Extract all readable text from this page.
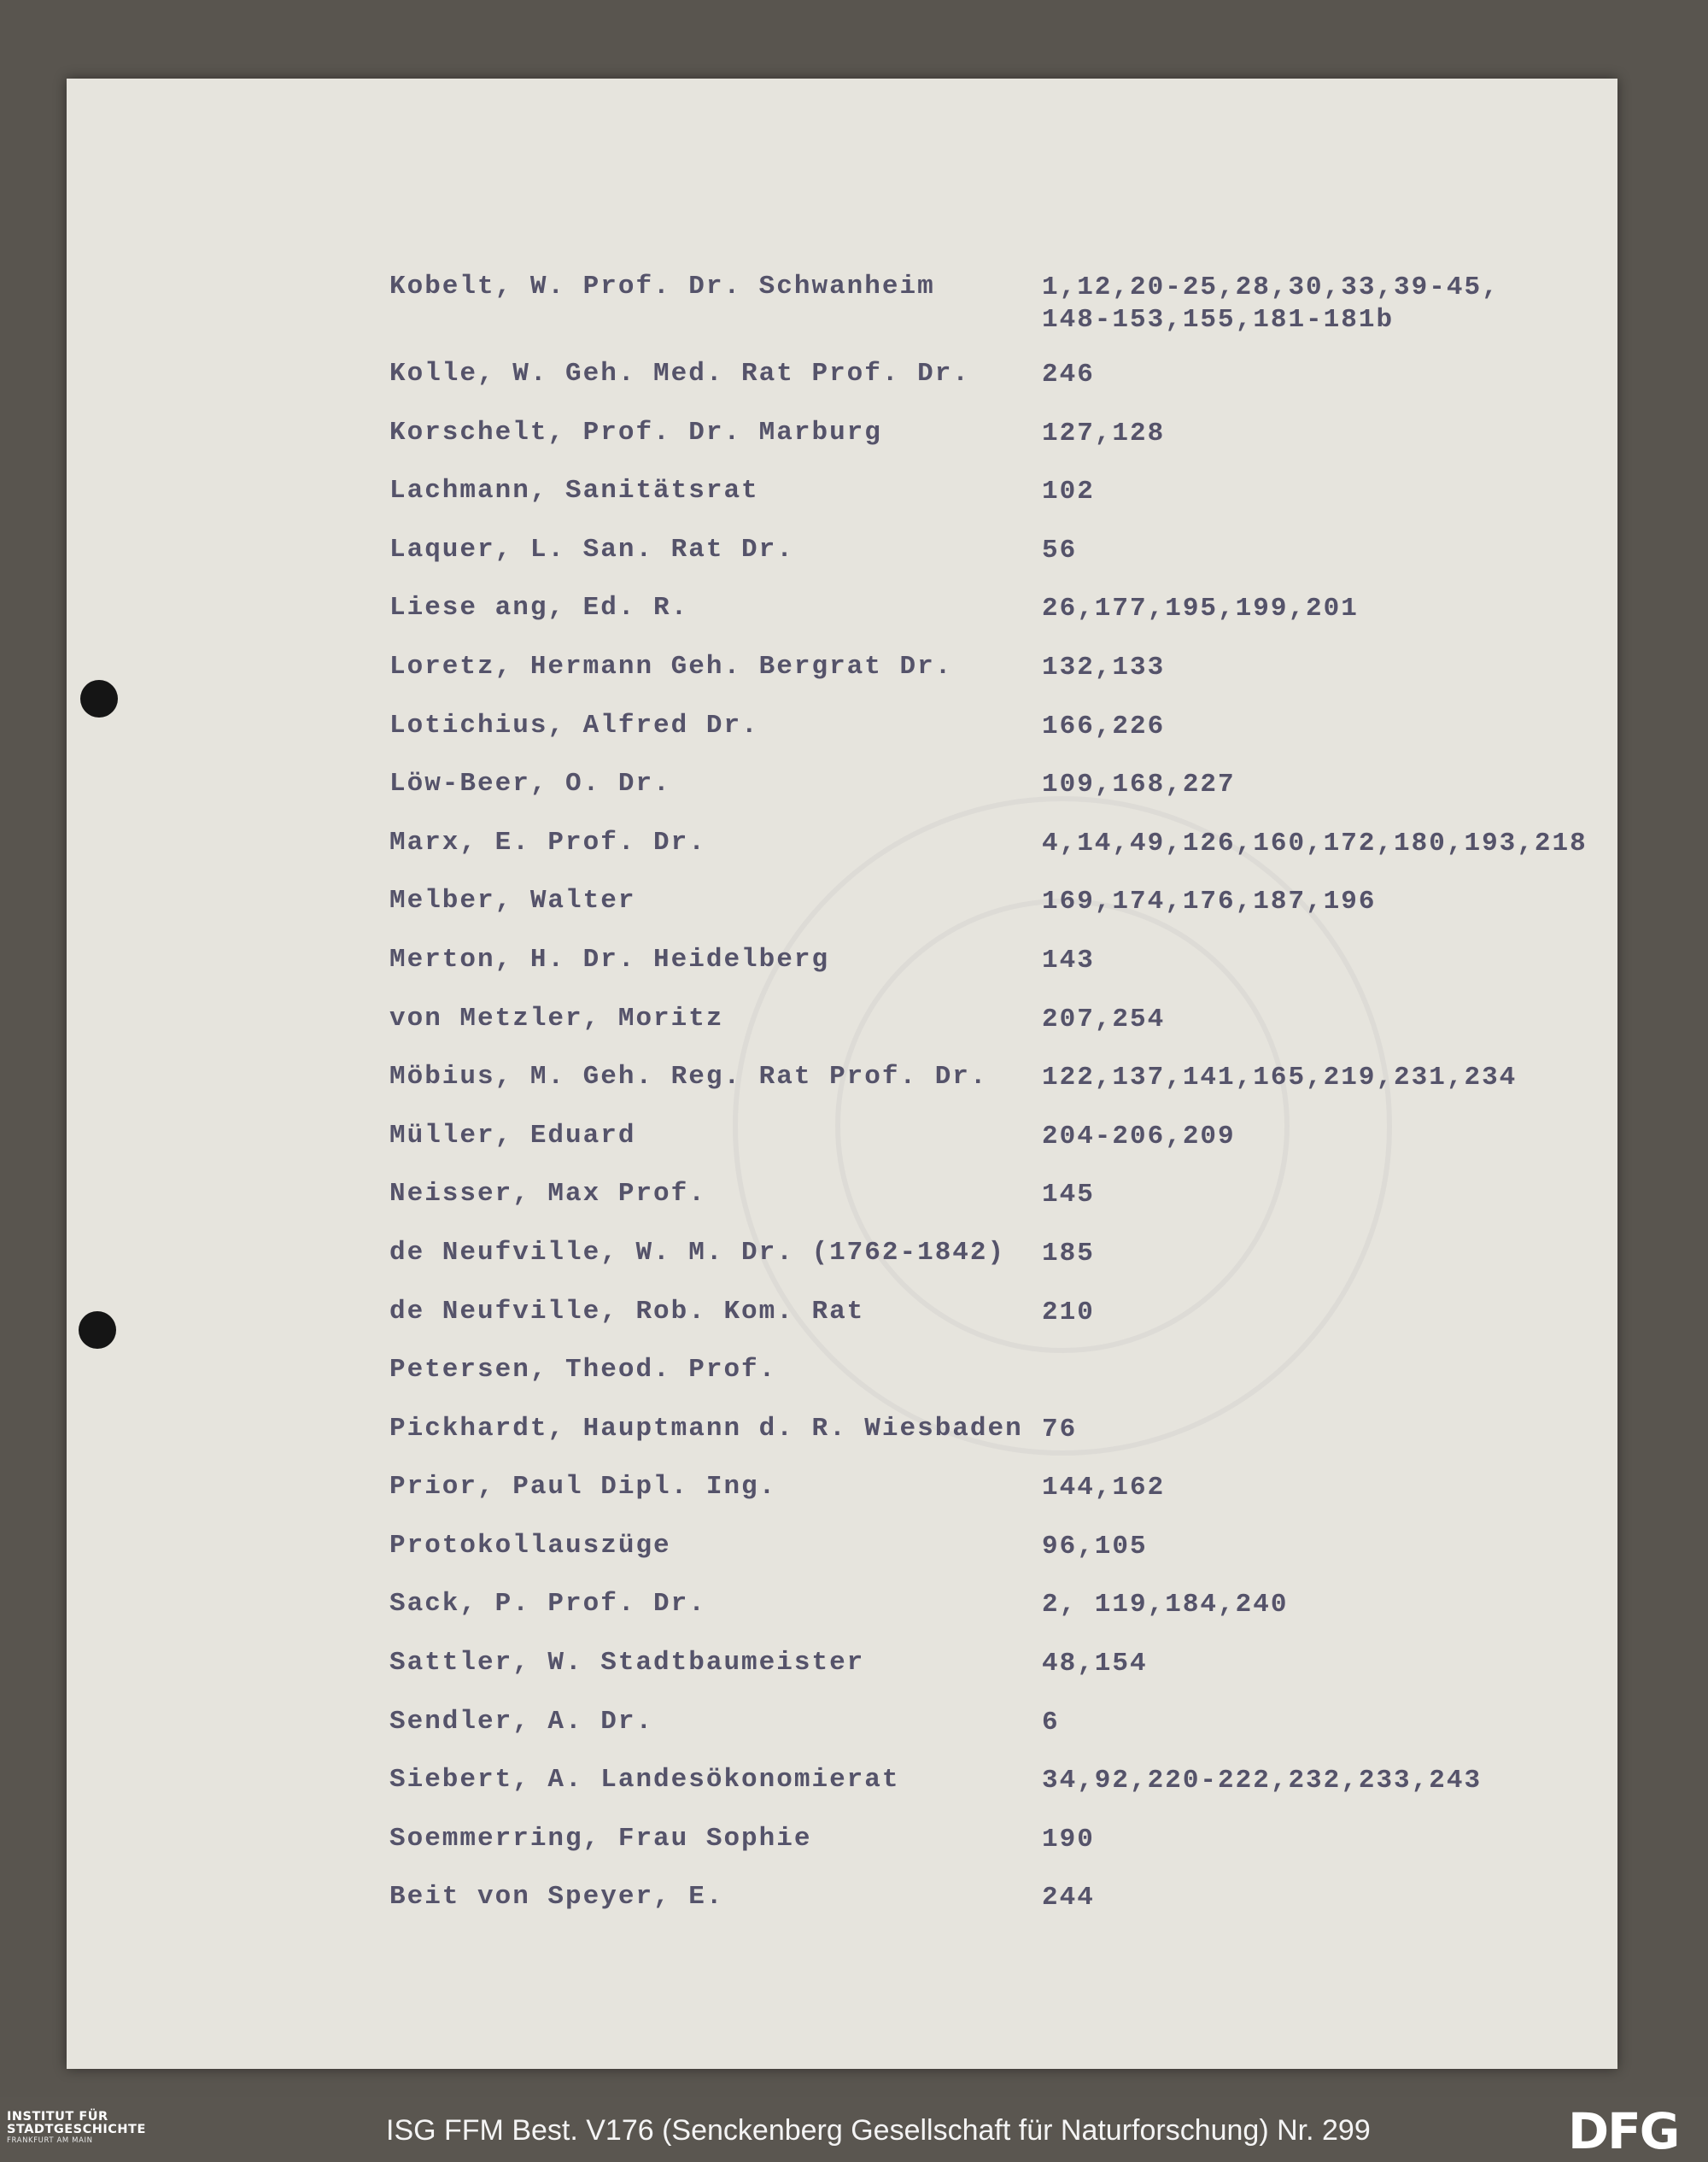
Kobelt, W. Prof. Dr. Schwanheim	1,12,20-25,28,30,33,39-45,
148-153,155,181-181b
Kolle, W. Geh. Med. Rat Prof. Dr.	246
Korschelt, Prof. Dr. Marburg	127,128
Lachmann, Sanitätsrat	102
Laquer, L. San. Rat Dr.	56
Liese ang, Ed. R.	26,177,195,199,201
Loretz, Hermann Geh. Bergrat Dr.	132,133
Lotichius, Alfred Dr.	166,226
Löw-Beer, O. Dr.	109,168,227
Marx, E. Prof. Dr.	4,14,49,126,160,172,180,193,218
Melber, Walter	169,174,176,187,196
Merton, H. Dr. Heidelberg	143
von Metzler, Moritz	207,254
Möbius, M. Geh. Reg. Rat Prof. Dr. 122,137,141,165,219,231,234
Müller, Eduard	204-206,209
Neisser, Max Prof.	145
de Neufville, W. M. Dr. (1762-1842) 185
de Neufville, Rob. Kom. Rat	210
Petersen, Theod. Prof.
Pickhardt, Hauptmann d. R. Wiesbaden 76
Prior, Paul Dipl. Ing.	144,162
Protokollauszüge	96,105
Sack, P. Prof. Dr.	2, 119,184,240
Sattler, W. Stadtbaumeister	48,154
Sendler, A. Dr.	6
Siebert, A. Landesökonomierat	34,92,220-222,232,233,243
Soemmerring, Frau Sophie	190
Beit von Speyer, E.	244
INSTITUT FÜR
STADTGESCHICHTE
FRANKFURT AM MAIN	ISG FFM Best. V176 (Senckenberg Gesellschaft für Naturforschung) Nr. 299	DFG
